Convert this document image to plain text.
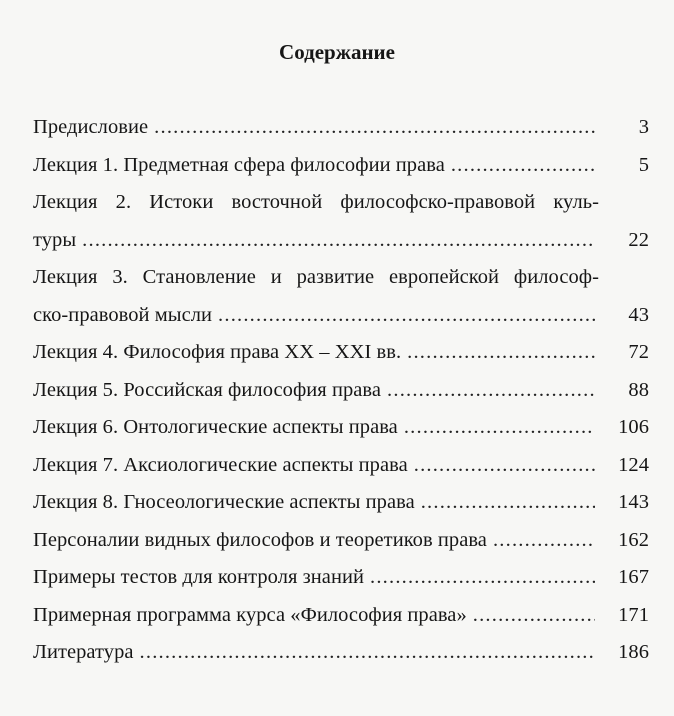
Содержание
Предисловие .....	3
Лекция 1. Предметная сфера философии права .....	5
Лекция 2. Истоки восточной философско-правовой куль-
туры .....	22
Лекция 3. Становление и развитие европейской философ-
ско-правовой мысли .....	43
Лекция 4. Философия права XX – XXI вв. .....	72
Лекция 5. Российская философия права .....	88
Лекция 6. Онтологические аспекты права .....	106
Лекция 7. Аксиологические аспекты права .....	124
Лекция 8. Гносеологические аспекты права .....	143
Персоналии видных философов и теоретиков права .....	162
Примеры тестов для контроля знаний .....	167
Примерная программа курса «Философия права» .....	171
Литература .....	186
